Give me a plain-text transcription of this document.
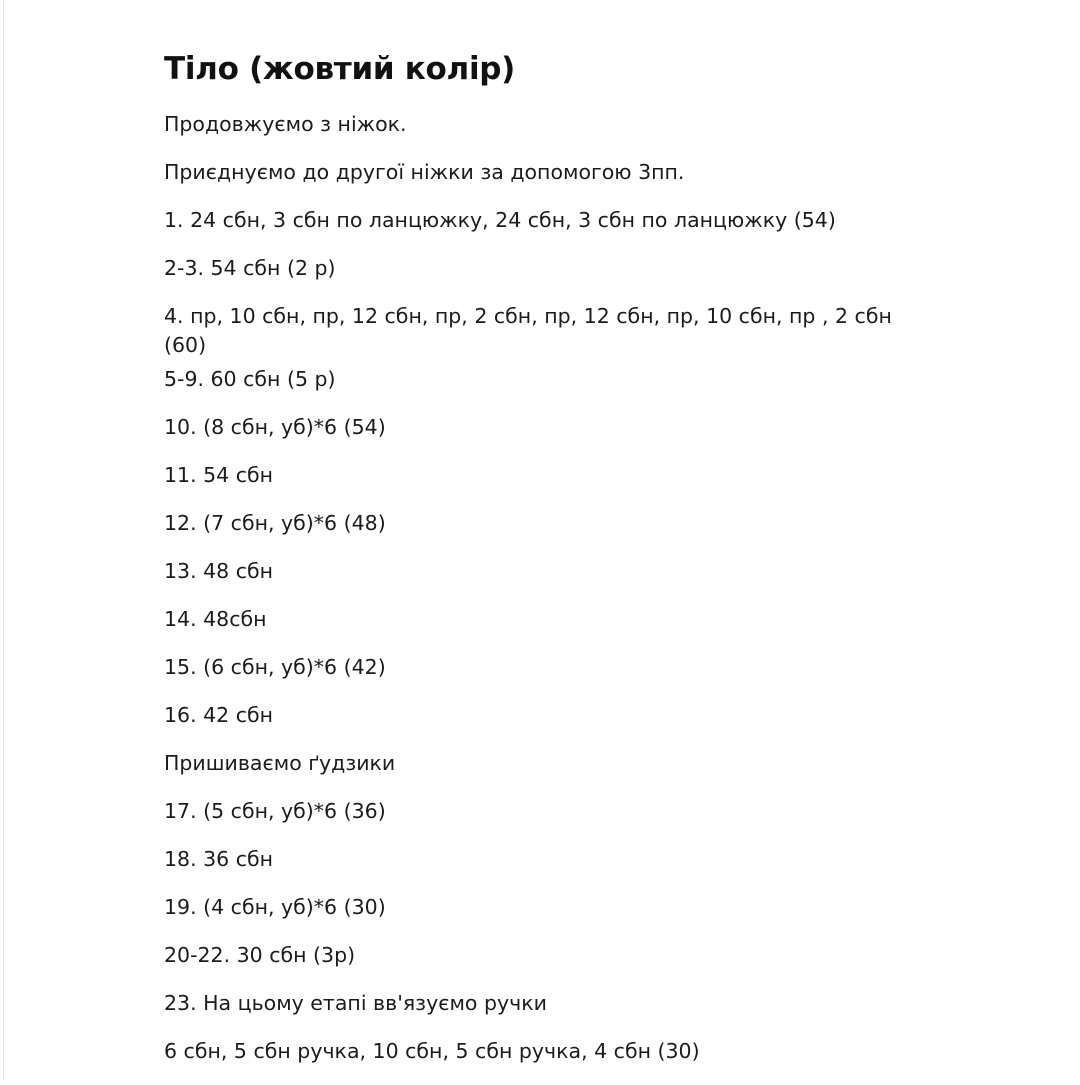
Тіло (жовтий колір)

Продовжуємо з ніжок.

Приєднуємо до другої ніжки за допомогою 3пп.

1. 24 сбн, 3 сбн по ланцюжку, 24 сбн, 3 сбн по ланцюжку (54)

2-3. 54 сбн (2 р)

4. пр, 10 сбн, пр, 12 сбн, пр, 2 сбн, пр, 12 сбн, пр, 10 сбн, пр , 2 сбн (60)

5-9. 60 сбн (5 р)

10. (8 сбн, уб)*6 (54)

11. 54 сбн

12. (7 сбн, уб)*6 (48)

13. 48 сбн

14. 48сбн

15. (6 сбн, уб)*6 (42)

16. 42 сбн

Пришиваємо ґудзики

17. (5 сбн, уб)*6 (36)

18. 36 сбн

19. (4 сбн, уб)*6 (30)

20-22. 30 сбн (3р)

23. На цьому етапі вв'язуємо ручки

6 сбн, 5 сбн ручка, 10 сбн, 5 сбн ручка, 4 сбн (30)
